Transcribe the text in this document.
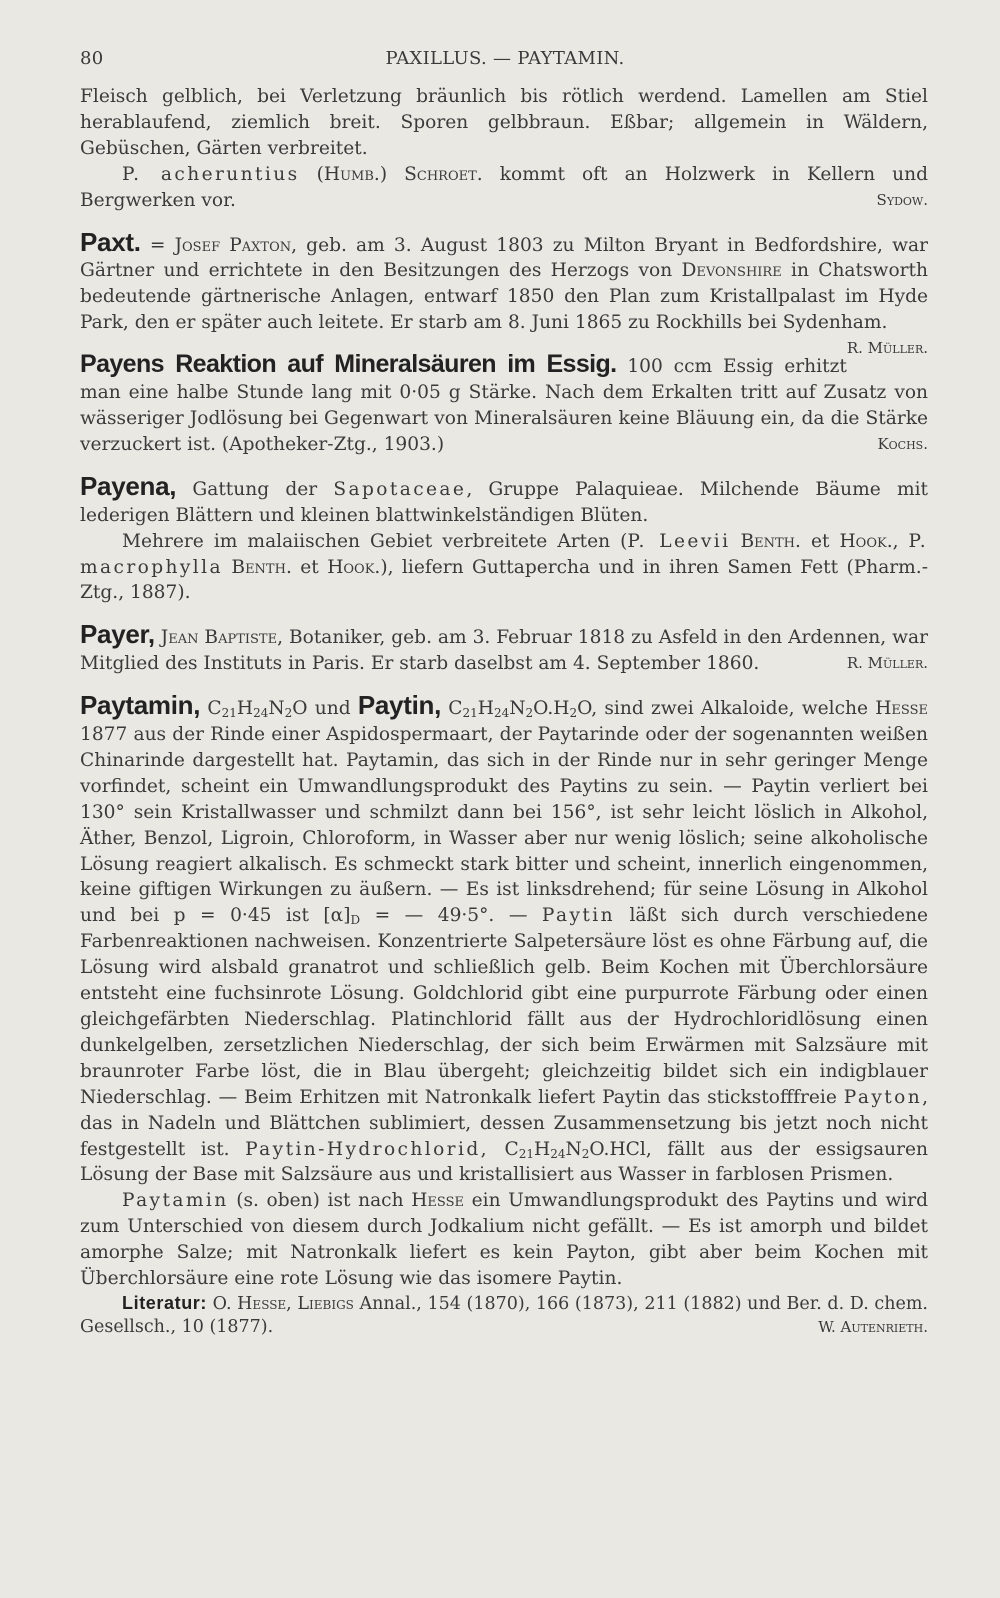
80	PAXILLUS. — PAYTAMIN.

Fleisch gelblich, bei Verletzung bräunlich bis rötlich werdend. Lamellen am Stiel herablaufend, ziemlich breit. Sporen gelbbraun. Eßbar; allgemein in Wäldern, Gebüschen, Gärten verbreitet.

P. acheruntius (Humb.) Schroet. kommt oft an Holzwerk in Kellern und Bergwerken vor.	Sydow.

Paxt. = Josef Paxton, geb. am 3. August 1803 zu Milton Bryant in Bedfordshire, war Gärtner und errichtete in den Besitzungen des Herzogs von Devonshire in Chatsworth bedeutende gärtnerische Anlagen, entwarf 1850 den Plan zum Kristallpalast im Hyde Park, den er später auch leitete. Er starb am 8. Juni 1865 zu Rockhills bei Sydenham.
R. Müller.

Payens Reaktion auf Mineralsäuren im Essig. 100 ccm Essig erhitzt man eine halbe Stunde lang mit 0·05 g Stärke. Nach dem Erkalten tritt auf Zusatz von wässeriger Jodlösung bei Gegenwart von Mineralsäuren keine Bläuung ein, da die Stärke verzuckert ist. (Apotheker-Ztg., 1903.)	Kochs.

Payena, Gattung der Sapotaceae, Gruppe Palaquieae. Milchende Bäume mit lederigen Blättern und kleinen blattwinkelständigen Blüten.

Mehrere im malaiischen Gebiet verbreitete Arten (P. Leevii Benth. et Hook., P. macrophylla Benth. et Hook.), liefern Guttapercha und in ihren Samen Fett (Pharm.-Ztg., 1887).

Payer, Jean Baptiste, Botaniker, geb. am 3. Februar 1818 zu Asfeld in den Ardennen, war Mitglied des Instituts in Paris. Er starb daselbst am 4. September 1860.	R. Müller.

Paytamin, $C_{21}H_{24}N_2O$ und Paytin, $C_{21}H_{24}N_2O.H_2O$, sind zwei Alkaloide, welche Hesse 1877 aus der Rinde einer Aspidospermaart, der Paytarinde oder der sogenannten weißen Chinarinde dargestellt hat. Paytamin, das sich in der Rinde nur in sehr geringer Menge vorfindet, scheint ein Umwandlungsprodukt des Paytins zu sein. — Paytin verliert bei 130° sein Kristallwasser und schmilzt dann bei 156°, ist sehr leicht löslich in Alkohol, Äther, Benzol, Ligroin, Chloroform, in Wasser aber nur wenig löslich; seine alkoholische Lösung reagiert alkalisch. Es schmeckt stark bitter und scheint, innerlich eingenommen, keine giftigen Wirkungen zu äußern. — Es ist linksdrehend; für seine Lösung in Alkohol und bei p = 0·45 ist $[\alpha]_D$ = — 49·5°. — Paytin läßt sich durch verschiedene Farbenreaktionen nachweisen. Konzentrierte Salpetersäure löst es ohne Färbung auf, die Lösung wird alsbald granatrot und schließlich gelb. Beim Kochen mit Überchlorsäure entsteht eine fuchsinrote Lösung. Goldchlorid gibt eine purpurrote Färbung oder einen gleichgefärbten Niederschlag. Platinchlorid fällt aus der Hydrochloridlösung einen dunkelgelben, zersetzlichen Niederschlag, der sich beim Erwärmen mit Salzsäure mit braunroter Farbe löst, die in Blau übergeht; gleichzeitig bildet sich ein indigblauer Niederschlag. — Beim Erhitzen mit Natronkalk liefert Paytin das stickstofffreie Payton, das in Nadeln und Blättchen sublimiert, dessen Zusammensetzung bis jetzt noch nicht festgestellt ist. Paytin-Hydrochlorid, $C_{21}H_{24}N_2O.HCl$, fällt aus der essigsauren Lösung der Base mit Salzsäure aus und kristallisiert aus Wasser in farblosen Prismen.

Paytamin (s. oben) ist nach Hesse ein Umwandlungsprodukt des Paytins und wird zum Unterschied von diesem durch Jodkalium nicht gefällt. — Es ist amorph und bildet amorphe Salze; mit Natronkalk liefert es kein Payton, gibt aber beim Kochen mit Überchlorsäure eine rote Lösung wie das isomere Paytin.

Literatur: O. Hesse, Liebigs Annal., 154 (1870), 166 (1873), 211 (1882) und Ber. d. D. chem. Gesellsch., 10 (1877).	W. Autenrieth.
